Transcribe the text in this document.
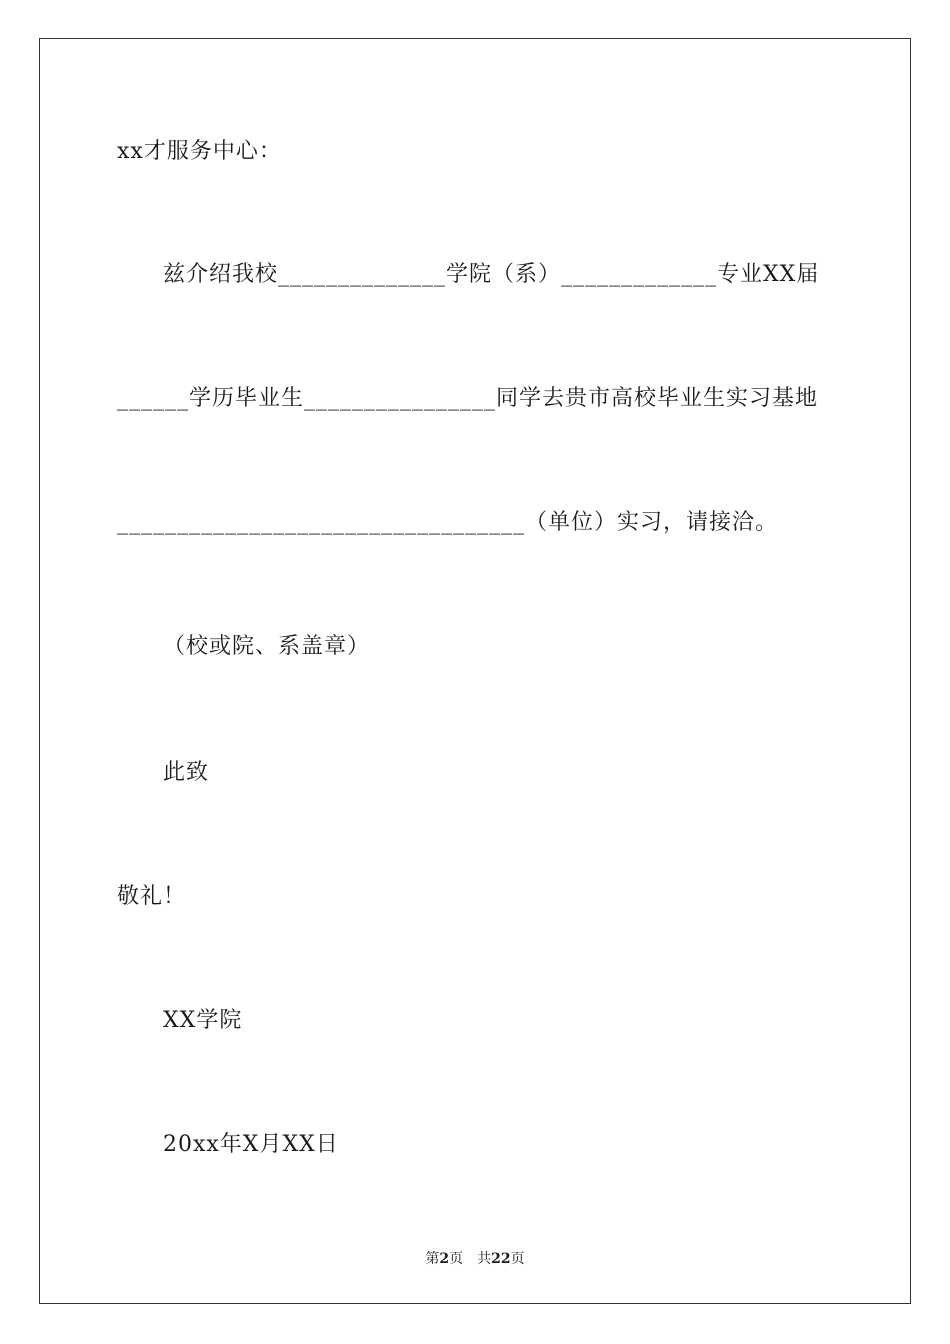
xx才服务中心：
兹介绍我校______________学院（系）_____________专业XX届
______学历毕业生________________同学去贵市高校毕业生实习基地
__________________________________（单位）实习，请接洽。
（校或院、系盖章）
此致
敬礼！
XX学院
20xx年X月XX日
第2页 共22页
